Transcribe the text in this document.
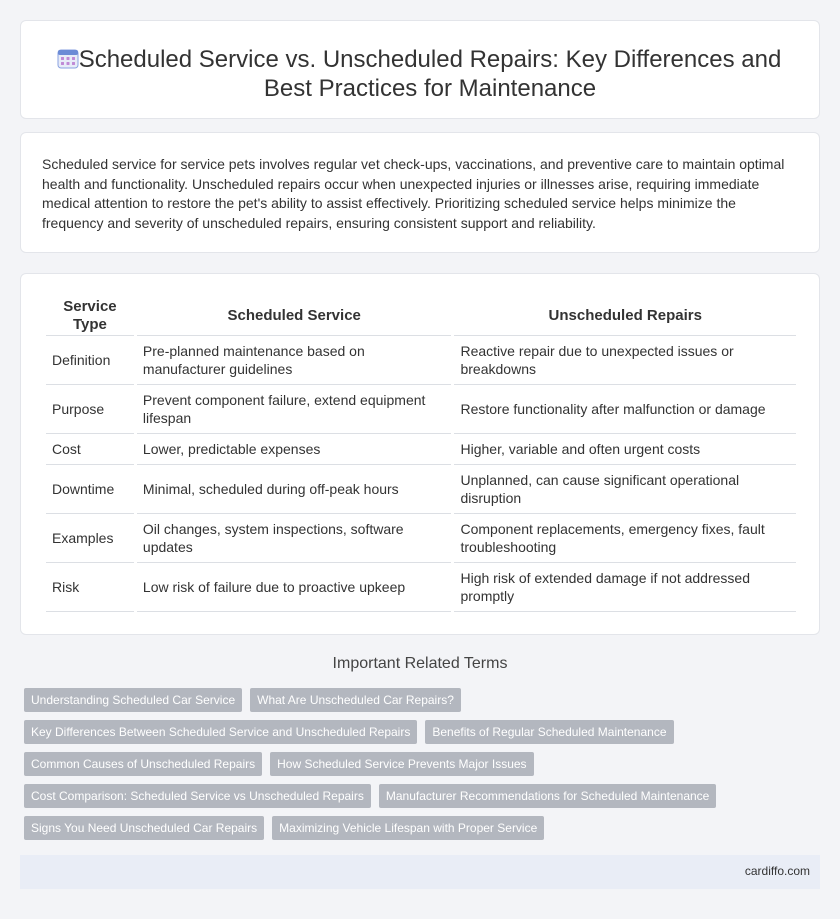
Scheduled Service vs. Unscheduled Repairs: Key Differences and Best Practices for Maintenance

Scheduled service for service pets involves regular vet check-ups, vaccinations, and preventive care to maintain optimal health and functionality. Unscheduled repairs occur when unexpected injuries or illnesses arise, requiring immediate medical attention to restore the pet's ability to assist effectively. Prioritizing scheduled service helps minimize the frequency and severity of unscheduled repairs, ensuring consistent support and reliability.

Service Type	Scheduled Service	Unscheduled Repairs
Definition	Pre-planned maintenance based on manufacturer guidelines	Reactive repair due to unexpected issues or breakdowns
Purpose	Prevent component failure, extend equipment lifespan	Restore functionality after malfunction or damage
Cost	Lower, predictable expenses	Higher, variable and often urgent costs
Downtime	Minimal, scheduled during off-peak hours	Unplanned, can cause significant operational disruption
Examples	Oil changes, system inspections, software updates	Component replacements, emergency fixes, fault troubleshooting
Risk	Low risk of failure due to proactive upkeep	High risk of extended damage if not addressed promptly
Important Related Terms
Understanding Scheduled Car Service	What Are Unscheduled Car Repairs?
Key Differences Between Scheduled Service and Unscheduled Repairs	Benefits of Regular Scheduled Maintenance
Common Causes of Unscheduled Repairs	How Scheduled Service Prevents Major Issues
Cost Comparison: Scheduled Service vs Unscheduled Repairs	Manufacturer Recommendations for Scheduled Maintenance
Signs You Need Unscheduled Car Repairs	Maximizing Vehicle Lifespan with Proper Service
cardiffo.com
